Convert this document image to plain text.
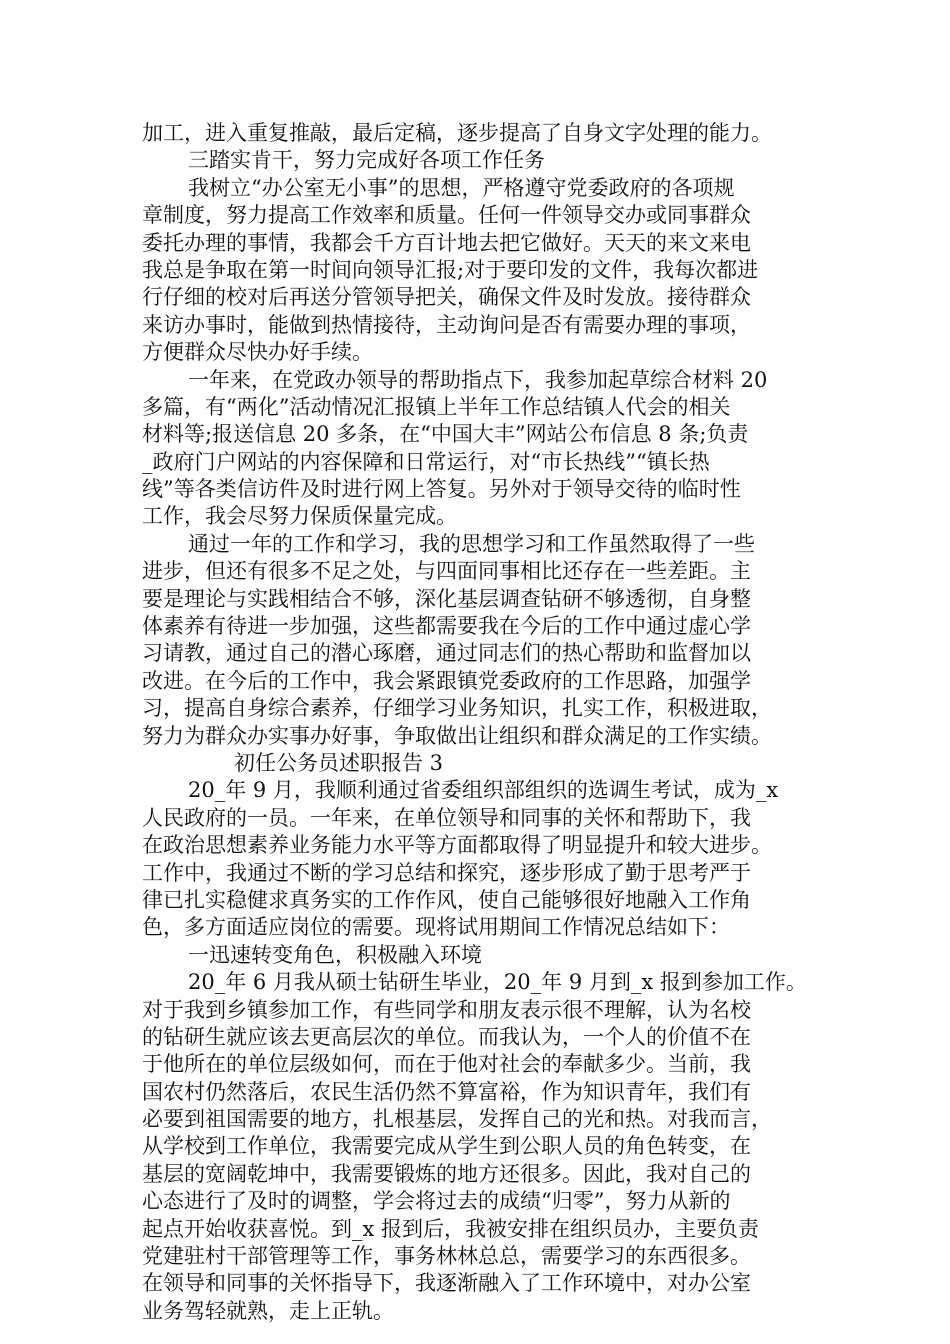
加工，进入重复推敲，最后定稿，逐步提高了自身文字处理的能力。
三踏实肯干，努力完成好各项工作任务
我树立“办公室无小事”的思想，严格遵守党委政府的各项规
章制度，努力提高工作效率和质量。任何一件领导交办或同事群众
委托办理的事情，我都会千方百计地去把它做好。天天的来文来电
我总是争取在第一时间向领导汇报;对于要印发的文件，我每次都进
行仔细的校对后再送分管领导把关，确保文件及时发放。接待群众
来访办事时，能做到热情接待，主动询问是否有需要办理的事项，
方便群众尽快办好手续。
一年来，在党政办领导的帮助指点下，我参加起草综合材料 20
多篇，有“两化”活动情况汇报镇上半年工作总结镇人代会的相关
材料等;报送信息 20 多条，在“中国大丰”网站公布信息 8 条;负责
_政府门户网站的内容保障和日常运行，对“市长热线”“镇长热
线”等各类信访件及时进行网上答复。另外对于领导交待的临时性
工作，我会尽努力保质保量完成。
通过一年的工作和学习，我的思想学习和工作虽然取得了一些
进步，但还有很多不足之处，与四面同事相比还存在一些差距。主
要是理论与实践相结合不够，深化基层调查钻研不够透彻，自身整
体素养有待进一步加强，这些都需要我在今后的工作中通过虚心学
习请教，通过自己的潜心琢磨，通过同志们的热心帮助和监督加以
改进。在今后的工作中，我会紧跟镇党委政府的工作思路，加强学
习，提高自身综合素养，仔细学习业务知识，扎实工作，积极进取，
努力为群众办实事办好事，争取做出让组织和群众满足的工作实绩。
初任公务员述职报告 3
20_年 9 月，我顺利通过省委组织部组织的选调生考试，成为_x
人民政府的一员。一年来，在单位领导和同事的关怀和帮助下，我
在政治思想素养业务能力水平等方面都取得了明显提升和较大进步。
工作中，我通过不断的学习总结和探究，逐步形成了勤于思考严于
律已扎实稳健求真务实的工作作风，使自己能够很好地融入工作角
色，多方面适应岗位的需要。现将试用期间工作情况总结如下：
一迅速转变角色，积极融入环境
20_年 6 月我从硕士钻研生毕业，20_年 9 月到_x 报到参加工作。
对于我到乡镇参加工作，有些同学和朋友表示很不理解，认为名校
的钻研生就应该去更高层次的单位。而我认为，一个人的价值不在
于他所在的单位层级如何，而在于他对社会的奉献多少。当前，我
国农村仍然落后，农民生活仍然不算富裕，作为知识青年，我们有
必要到祖国需要的地方，扎根基层，发挥自己的光和热。对我而言，
从学校到工作单位，我需要完成从学生到公职人员的角色转变，在
基层的宽阔乾坤中，我需要锻炼的地方还很多。因此，我对自己的
心态进行了及时的调整，学会将过去的成绩“归零”，努力从新的
起点开始收获喜悦。到_x 报到后，我被安排在组织员办，主要负责
党建驻村干部管理等工作，事务林林总总，需要学习的东西很多。
在领导和同事的关怀指导下，我逐渐融入了工作环境中，对办公室
业务驾轻就熟，走上正轨。
